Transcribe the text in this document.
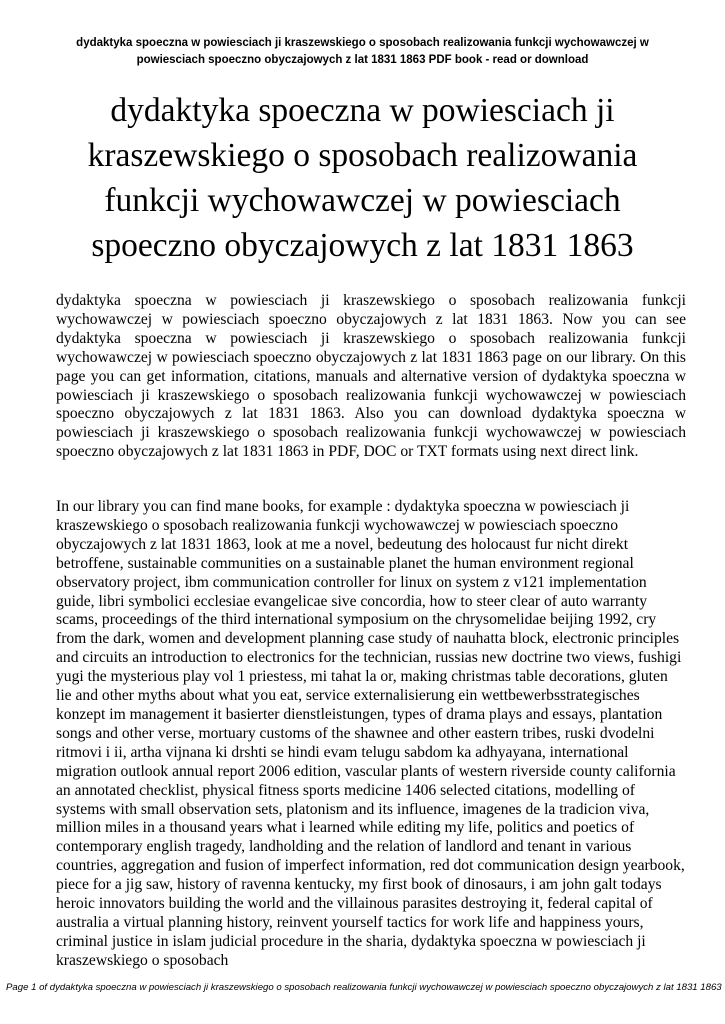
dydaktyka spoeczna w powiesciach ji kraszewskiego o sposobach realizowania funkcji wychowawczej w
powiesciach spoeczno obyczajowych z lat 1831 1863 PDF book - read or download
dydaktyka spoeczna w powiesciach ji
kraszewskiego o sposobach realizowania
funkcji wychowawczej w powiesciach
spoeczno obyczajowych z lat 1831 1863

dydaktyka spoeczna w powiesciach ji kraszewskiego o sposobach realizowania funkcji wychowawczej w powiesciach spoeczno obyczajowych z lat 1831 1863. Now you can see dydaktyka spoeczna w powiesciach ji kraszewskiego o sposobach realizowania funkcji wychowawczej w powiesciach spoeczno obyczajowych z lat 1831 1863 page on our library. On this page you can get information, citations, manuals and alternative version of dydaktyka spoeczna w powiesciach ji kraszewskiego o sposobach realizowania funkcji wychowawczej w powiesciach spoeczno obyczajowych z lat 1831 1863. Also you can download dydaktyka spoeczna w powiesciach ji kraszewskiego o sposobach realizowania funkcji wychowawczej w powiesciach spoeczno obyczajowych z lat 1831 1863 in PDF, DOC or TXT formats using next direct link.

In our library you can find mane books, for example : dydaktyka spoeczna w powiesciach ji kraszewskiego o sposobach realizowania funkcji wychowawczej w powiesciach spoeczno obyczajowych z lat 1831 1863, look at me a novel, bedeutung des holocaust fur nicht direkt betroffene, sustainable communities on a sustainable planet the human environment regional observatory project, ibm communication controller for linux on system z v121 implementation guide, libri symbolici ecclesiae evangelicae sive concordia, how to steer clear of auto warranty scams, proceedings of the third international symposium on the chrysomelidae beijing 1992, cry from the dark, women and development planning case study of nauhatta block, electronic principles and circuits an introduction to electronics for the technician, russias new doctrine two views, fushigi yugi the mysterious play vol 1 priestess, mi tahat la or, making christmas table decorations, gluten lie and other myths about what you eat, service externalisierung ein wettbewerbsstrategisches konzept im management it basierter dienstleistungen, types of drama plays and essays, plantation songs and other verse, mortuary customs of the shawnee and other eastern tribes, ruski dvodelni ritmovi i ii, artha vijnana ki drshti se hindi evam telugu sabdom ka adhyayana, international migration outlook annual report 2006 edition, vascular plants of western riverside county california an annotated checklist, physical fitness sports medicine 1406 selected citations, modelling of systems with small observation sets, platonism and its influence, imagenes de la tradicion viva, million miles in a thousand years what i learned while editing my life, politics and poetics of contemporary english tragedy, landholding and the relation of landlord and tenant in various countries, aggregation and fusion of imperfect information, red dot communication design yearbook, piece for a jig saw, history of ravenna kentucky, my first book of dinosaurs, i am john galt todays heroic innovators building the world and the villainous parasites destroying it, federal capital of australia a virtual planning history, reinvent yourself tactics for work life and happiness yours, criminal justice in islam judicial procedure in the sharia, dydaktyka spoeczna w powiesciach ji kraszewskiego o sposobach

Page 1 of dydaktyka spoeczna w powiesciach ji kraszewskiego o sposobach realizowania funkcji wychowawczej w powiesciach spoeczno obyczajowych z lat 1831 1863
